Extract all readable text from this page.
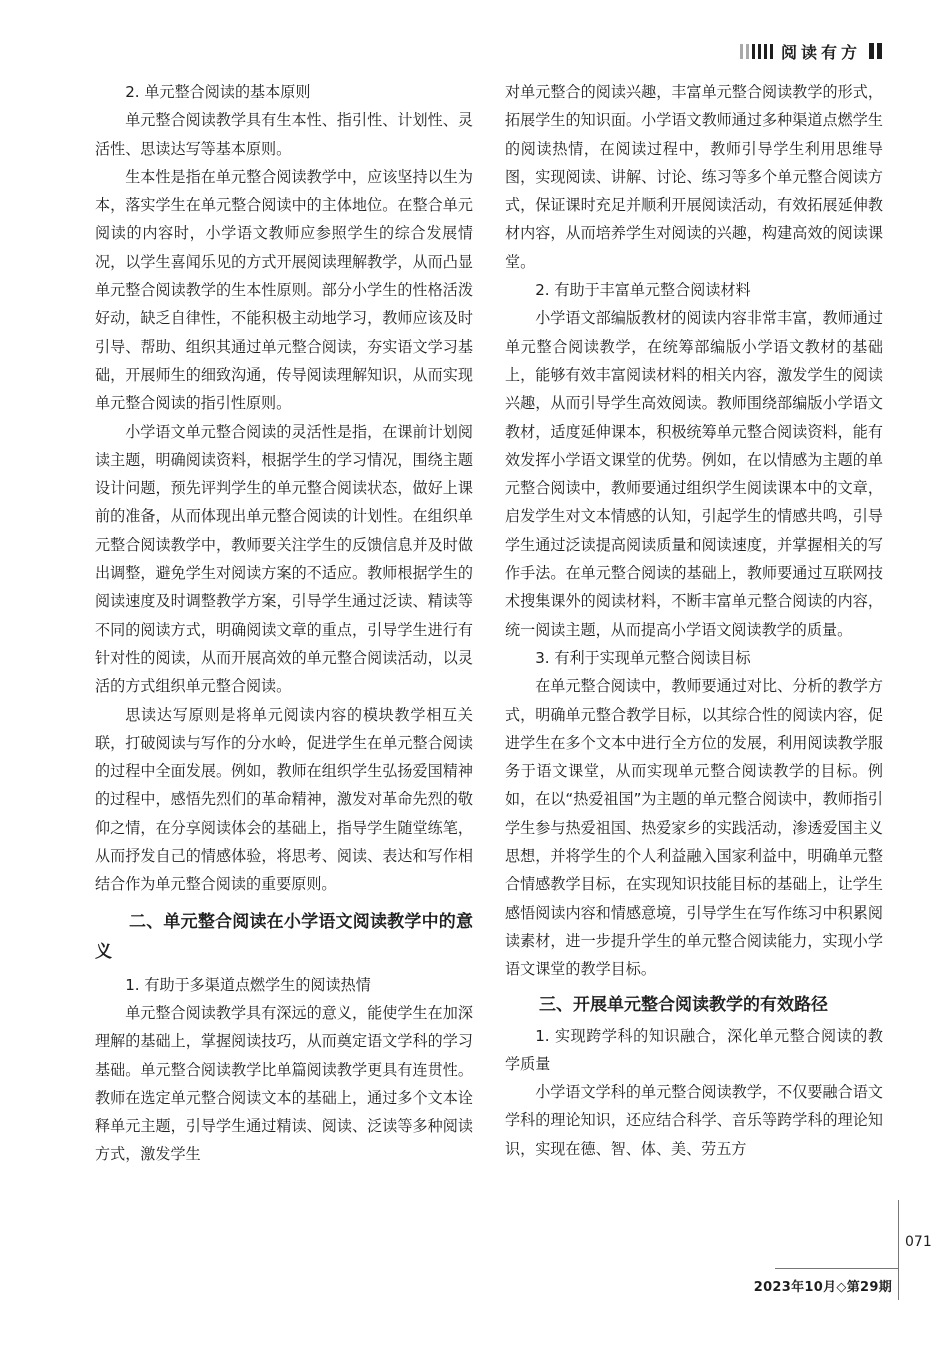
阅读有方
2. 单元整合阅读的基本原则

单元整合阅读教学具有生本性、指引性、计划性、灵活性、思读达写等基本原则。

生本性是指在单元整合阅读教学中，应该坚持以生为本，落实学生在单元整合阅读中的主体地位。在整合单元阅读的内容时，小学语文教师应参照学生的综合发展情况，以学生喜闻乐见的方式开展阅读理解教学，从而凸显单元整合阅读教学的生本性原则。部分小学生的性格活泼好动，缺乏自律性，不能积极主动地学习，教师应该及时引导、帮助、组织其通过单元整合阅读，夯实语文学习基础，开展师生的细致沟通，传导阅读理解知识，从而实现单元整合阅读的指引性原则。

小学语文单元整合阅读的灵活性是指，在课前计划阅读主题，明确阅读资料，根据学生的学习情况，围绕主题设计问题，预先评判学生的单元整合阅读状态，做好上课前的准备，从而体现出单元整合阅读的计划性。在组织单元整合阅读教学中，教师要关注学生的反馈信息并及时做出调整，避免学生对阅读方案的不适应。教师根据学生的阅读速度及时调整教学方案，引导学生通过泛读、精读等不同的阅读方式，明确阅读文章的重点，引导学生进行有针对性的阅读，从而开展高效的单元整合阅读活动，以灵活的方式组织单元整合阅读。

思读达写原则是将单元阅读内容的模块教学相互关联，打破阅读与写作的分水岭，促进学生在单元整合阅读的过程中全面发展。例如，教师在组织学生弘扬爱国精神的过程中，感悟先烈们的革命精神，激发对革命先烈的敬仰之情，在分享阅读体会的基础上，指导学生随堂练笔，从而抒发自己的情感体验，将思考、阅读、表达和写作相结合作为单元整合阅读的重要原则。

二、单元整合阅读在小学语文阅读教学中的意义
1. 有助于多渠道点燃学生的阅读热情

单元整合阅读教学具有深远的意义，能使学生在加深理解的基础上，掌握阅读技巧，从而奠定语文学科的学习基础。单元整合阅读教学比单篇阅读教学更具有连贯性。教师在选定单元整合阅读文本的基础上，通过多个文本诠释单元主题，引导学生通过精读、阅读、泛读等多种阅读方式，激发学生

对单元整合的阅读兴趣，丰富单元整合阅读教学的形式，拓展学生的知识面。小学语文教师通过多种渠道点燃学生的阅读热情，在阅读过程中，教师引导学生利用思维导图，实现阅读、讲解、讨论、练习等多个单元整合阅读方式，保证课时充足并顺利开展阅读活动，有效拓展延伸教材内容，从而培养学生对阅读的兴趣，构建高效的阅读课堂。

2. 有助于丰富单元整合阅读材料

小学语文部编版教材的阅读内容非常丰富，教师通过单元整合阅读教学，在统筹部编版小学语文教材的基础上，能够有效丰富阅读材料的相关内容，激发学生的阅读兴趣，从而引导学生高效阅读。教师围绕部编版小学语文教材，适度延伸课本，积极统筹单元整合阅读资料，能有效发挥小学语文课堂的优势。例如，在以情感为主题的单元整合阅读中，教师要通过组织学生阅读课本中的文章，启发学生对文本情感的认知，引起学生的情感共鸣，引导学生通过泛读提高阅读质量和阅读速度，并掌握相关的写作手法。在单元整合阅读的基础上，教师要通过互联网技术搜集课外的阅读材料，不断丰富单元整合阅读的内容，统一阅读主题，从而提高小学语文阅读教学的质量。

3. 有利于实现单元整合阅读目标

在单元整合阅读中，教师要通过对比、分析的教学方式，明确单元整合教学目标，以其综合性的阅读内容，促进学生在多个文本中进行全方位的发展，利用阅读教学服务于语文课堂，从而实现单元整合阅读教学的目标。例如，在以“热爱祖国”为主题的单元整合阅读中，教师指引学生参与热爱祖国、热爱家乡的实践活动，渗透爱国主义思想，并将学生的个人利益融入国家利益中，明确单元整合情感教学目标，在实现知识技能目标的基础上，让学生感悟阅读内容和情感意境，引导学生在写作练习中积累阅读素材，进一步提升学生的单元整合阅读能力，实现小学语文课堂的教学目标。

三、开展单元整合阅读教学的有效路径
1. 实现跨学科的知识融合，深化单元整合阅读的教学质量

小学语文学科的单元整合阅读教学，不仅要融合语文学科的理论知识，还应结合科学、音乐等跨学科的理论知识，实现在德、智、体、美、劳五方

071
2023年10月◇第29期
